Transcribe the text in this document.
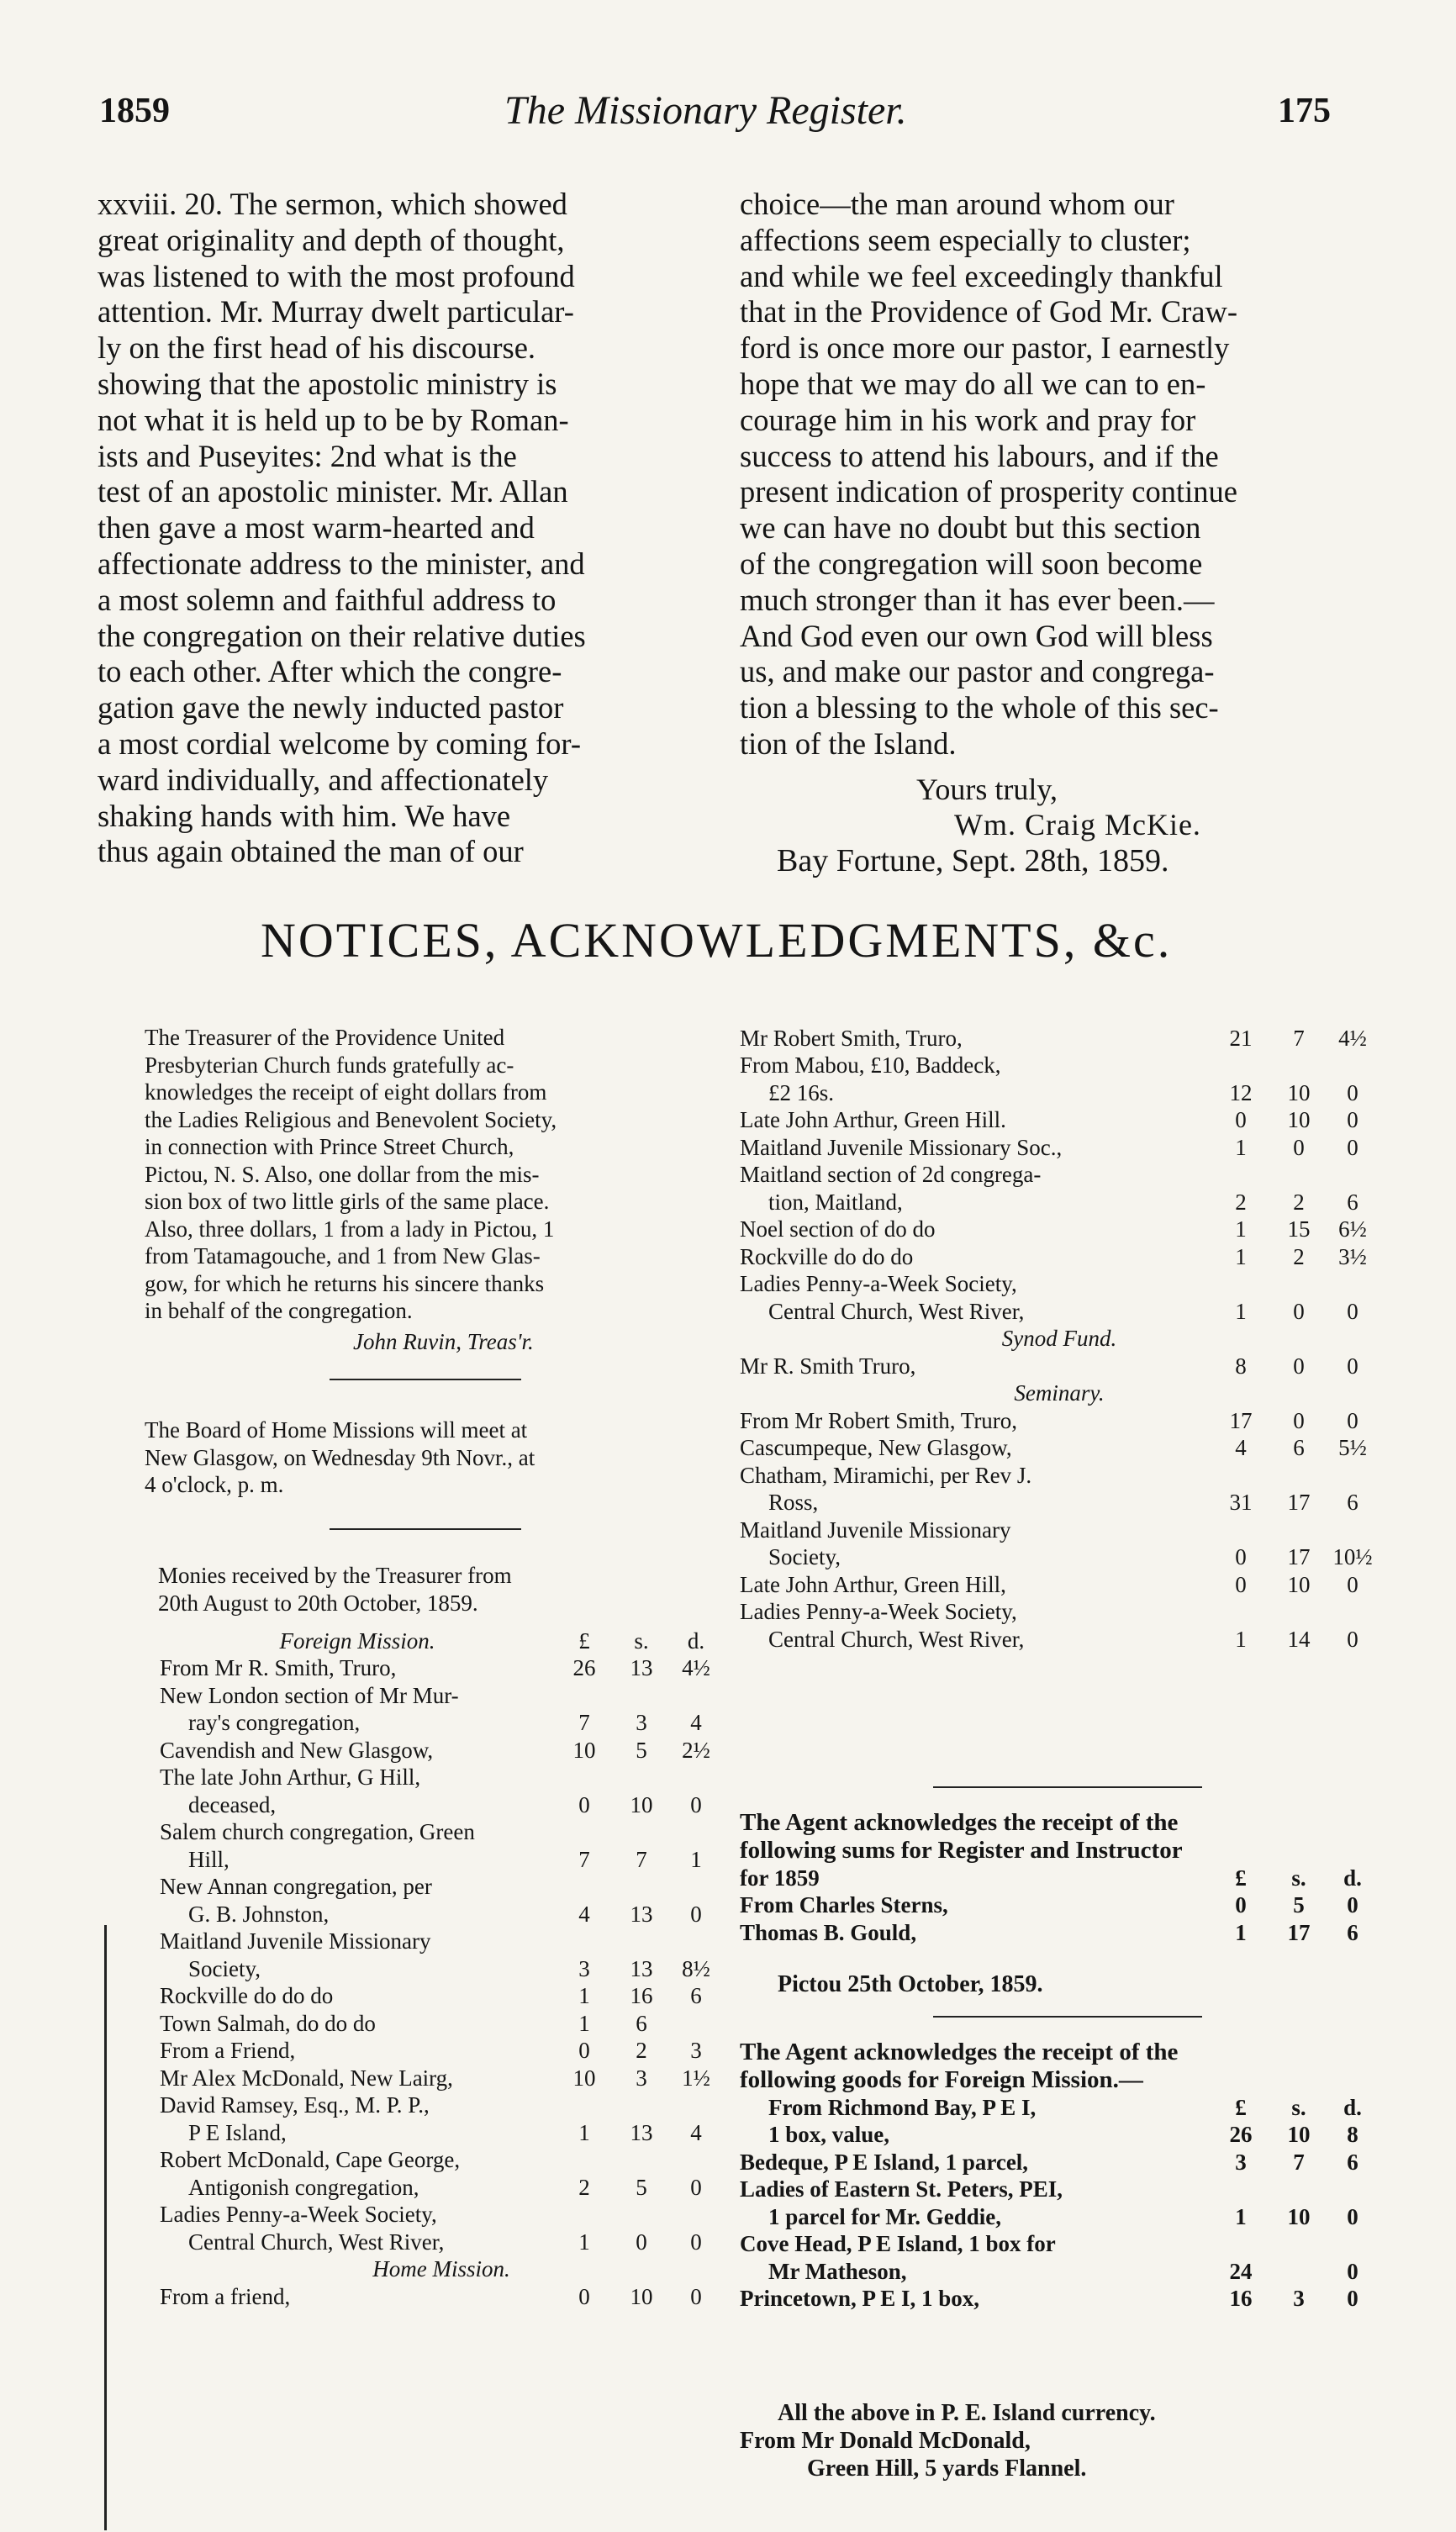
1859	The Missionary Register.	175
xxviii. 20. The sermon, which showed
great originality and depth of thought,
was listened to with the most profound
attention. Mr. Murray dwelt particular-
ly on the first head of his discourse.
showing that the apostolic ministry is
not what it is held up to be by Roman-
ists and Puseyites: 2nd what is the
test of an apostolic minister. Mr. Allan
then gave a most warm-hearted and
affectionate address to the minister, and
a most solemn and faithful address to
the congregation on their relative duties
to each other. After which the congre-
gation gave the newly inducted pastor
a most cordial welcome by coming for-
ward individually, and affectionately
shaking hands with him. We have
thus again obtained the man of our
choice—the man around whom our
affections seem especially to cluster;
and while we feel exceedingly thankful
that in the Providence of God Mr. Craw-
ford is once more our pastor, I earnestly
hope that we may do all we can to en-
courage him in his work and pray for
success to attend his labours, and if the
present indication of prosperity continue
we can have no doubt but this section
of the congregation will soon become
much stronger than it has ever been.—
And God even our own God will bless
us, and make our pastor and congrega-
tion a blessing to the whole of this sec-
tion of the Island.
Yours truly,
Wm. Craig McKie.
Bay Fortune, Sept. 28th, 1859.
NOTICES, ACKNOWLEDGMENTS, &c.
The Treasurer of the Providence United
Presbyterian Church funds gratefully ac-
knowledges the receipt of eight dollars from
the Ladies Religious and Benevolent Society,
in connection with Prince Street Church,
Pictou, N. S. Also, one dollar from the mis-
sion box of two little girls of the same place.
Also, three dollars, 1 from a lady in Pictou, 1
from Tatamagouche, and 1 from New Glas-
gow, for which he returns his sincere thanks
in behalf of the congregation.
John Ruvin, Treas'r.
The Board of Home Missions will meet at
New Glasgow, on Wednesday 9th Novr., at
4 o'clock, p. m.
Monies received by the Treasurer from
20th August to 20th October, 1859.
Foreign Mission.	£	s.	d.
From Mr R. Smith, Truro,	26	13	4½
New London section of Mr Mur-			
ray's congregation,	7	3	4
Cavendish and New Glasgow,	10	5	2½
The late John Arthur, G Hill,			
deceased,	0	10	0
Salem church congregation, Green			
Hill,	7	7	1
New Annan congregation, per			
G. B. Johnston,	4	13	0
Maitland Juvenile Missionary			
Society,	3	13	8½
Rockville do do do	1	16	6
Town Salmah, do do do	1	6	
From a Friend,	0	2	3
Mr Alex McDonald, New Lairg,	10	3	1½
David Ramsey, Esq., M. P. P.,			
P E Island,	1	13	4
Robert McDonald, Cape George,			
Antigonish congregation,	2	5	0
Ladies Penny-a-Week Society,			
Central Church, West River,	1	0	0
Home Mission.			
From a friend,	0	10	0
Mr Robert Smith, Truro,	21	7	4½
From Mabou, £10, Baddeck,			
£2 16s.	12	10	0
Late John Arthur, Green Hill.	0	10	0
Maitland Juvenile Missionary Soc.,	1	0	0
Maitland section of 2d congrega-			
tion, Maitland,	2	2	6
Noel section of do do	1	15	6½
Rockville do do do	1	2	3½
Ladies Penny-a-Week Society,			
Central Church, West River,	1	0	0
Synod Fund.			
Mr R. Smith Truro,	8	0	0
Seminary.			
From Mr Robert Smith, Truro,	17	0	0
Cascumpeque, New Glasgow,	4	6	5½
Chatham, Miramichi, per Rev J.			
Ross,	31	17	6
Maitland Juvenile Missionary			
Society,	0	17	10½
Late John Arthur, Green Hill,	0	10	0
Ladies Penny-a-Week Society,			
Central Church, West River,	1	14	0
The Agent acknowledges the receipt of the
following sums for Register and Instructor
for 1859	£	s.	d.
From Charles Sterns,	0	5	0
Thomas B. Gould,	1	17	6
Pictou 25th October, 1859.
The Agent acknowledges the receipt of the
following goods for Foreign Mission.—
From Richmond Bay, P E I,	£	s.	d.
1 box, value,	26	10	8
Bedeque, P E Island, 1 parcel,	3	7	6
Ladies of Eastern St. Peters, PEI,			
1 parcel for Mr. Geddie,	1	10	0
Cove Head, P E Island, 1 box for			
Mr Matheson,	24		0
Princetown, P E I, 1 box,	16	3	0
All the above in P. E. Island currency.
From Mr Donald McDonald,
Green Hill, 5 yards Flannel.
